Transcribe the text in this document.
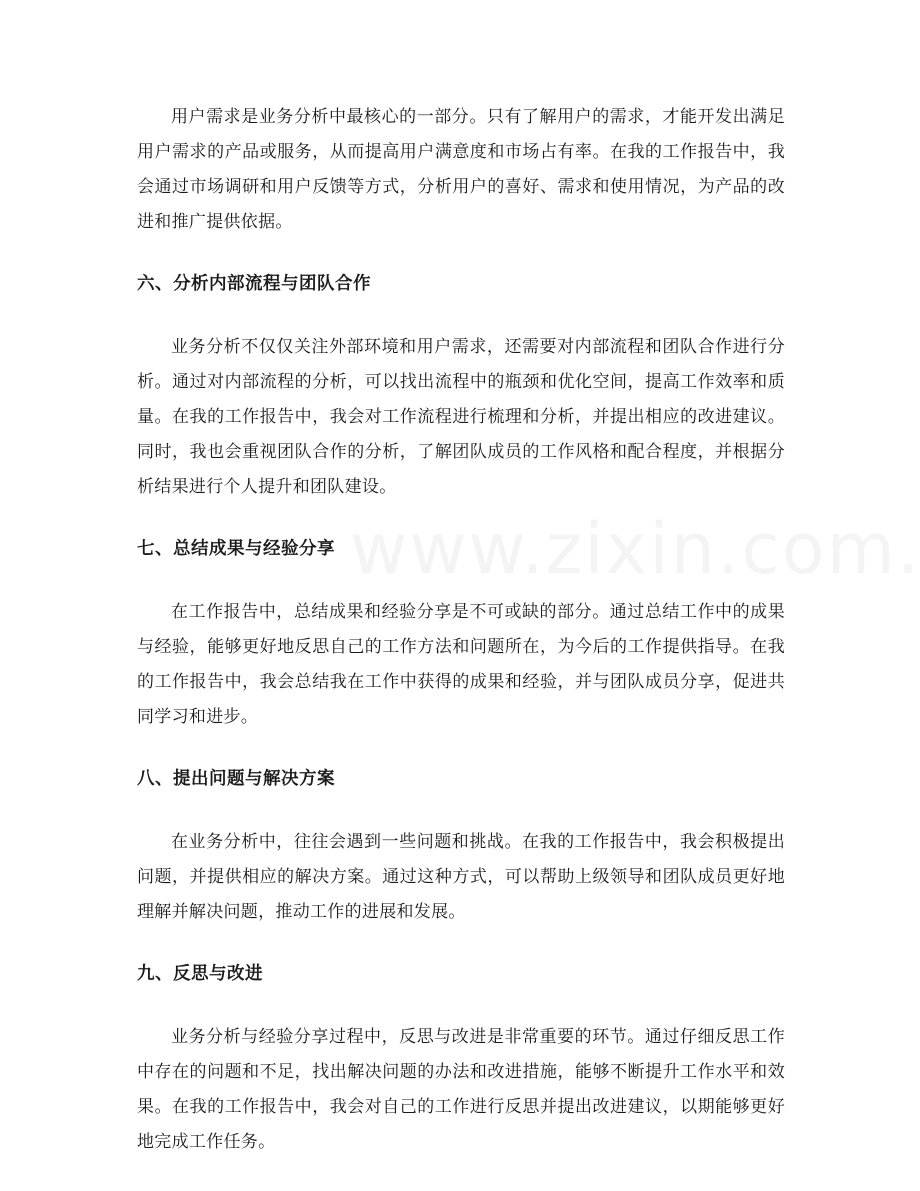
用户需求是业务分析中最核心的一部分。只有了解用户的需求，才能开发出满足用户需求的产品或服务，从而提高用户满意度和市场占有率。在我的工作报告中，我会通过市场调研和用户反馈等方式，分析用户的喜好、需求和使用情况，为产品的改进和推广提供依据。

六、分析内部流程与团队合作

业务分析不仅仅关注外部环境和用户需求，还需要对内部流程和团队合作进行分析。通过对内部流程的分析，可以找出流程中的瓶颈和优化空间，提高工作效率和质量。在我的工作报告中，我会对工作流程进行梳理和分析，并提出相应的改进建议。同时，我也会重视团队合作的分析，了解团队成员的工作风格和配合程度，并根据分析结果进行个人提升和团队建设。

七、总结成果与经验分享

在工作报告中，总结成果和经验分享是不可或缺的部分。通过总结工作中的成果与经验，能够更好地反思自己的工作方法和问题所在，为今后的工作提供指导。在我的工作报告中，我会总结我在工作中获得的成果和经验，并与团队成员分享，促进共同学习和进步。

八、提出问题与解决方案

在业务分析中，往往会遇到一些问题和挑战。在我的工作报告中，我会积极提出问题，并提供相应的解决方案。通过这种方式，可以帮助上级领导和团队成员更好地理解并解决问题，推动工作的进展和发展。

九、反思与改进

业务分析与经验分享过程中，反思与改进是非常重要的环节。通过仔细反思工作中存在的问题和不足，找出解决问题的办法和改进措施，能够不断提升工作水平和效果。在我的工作报告中，我会对自己的工作进行反思并提出改进建议，以期能够更好地完成工作任务。
